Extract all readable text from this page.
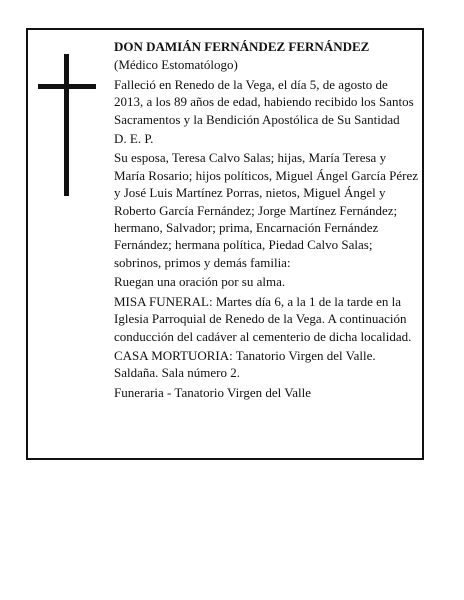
DON DAMIÁN FERNÁNDEZ FERNÁNDEZ

(Médico Estomatólogo)

Falleció en Renedo de la Vega, el día 5, de agosto de 2013, a los 89 años de edad, habiendo recibido los Santos Sacramentos y la Bendición Apostólica de Su Santidad

D. E. P.

Su esposa, Teresa Calvo Salas; hijas, María Teresa y María Rosario; hijos políticos, Miguel Ángel García Pérez y José Luis Martínez Porras, nietos, Miguel Ángel y Roberto García Fernández; Jorge Martínez Fernández; hermano, Salvador; prima, Encarnación Fernández Fernández; hermana política, Piedad Calvo Salas; sobrinos, primos y demás familia:

Ruegan una oración por su alma.

MISA FUNERAL: Martes día 6, a la 1 de la tarde en la Iglesia Parroquial de Renedo de la Vega. A continuación conducción del cadáver al cementerio de dicha localidad.

CASA MORTUORIA: Tanatorio Virgen del Valle. Saldaña. Sala número 2.

Funeraria - Tanatorio Virgen del Valle
